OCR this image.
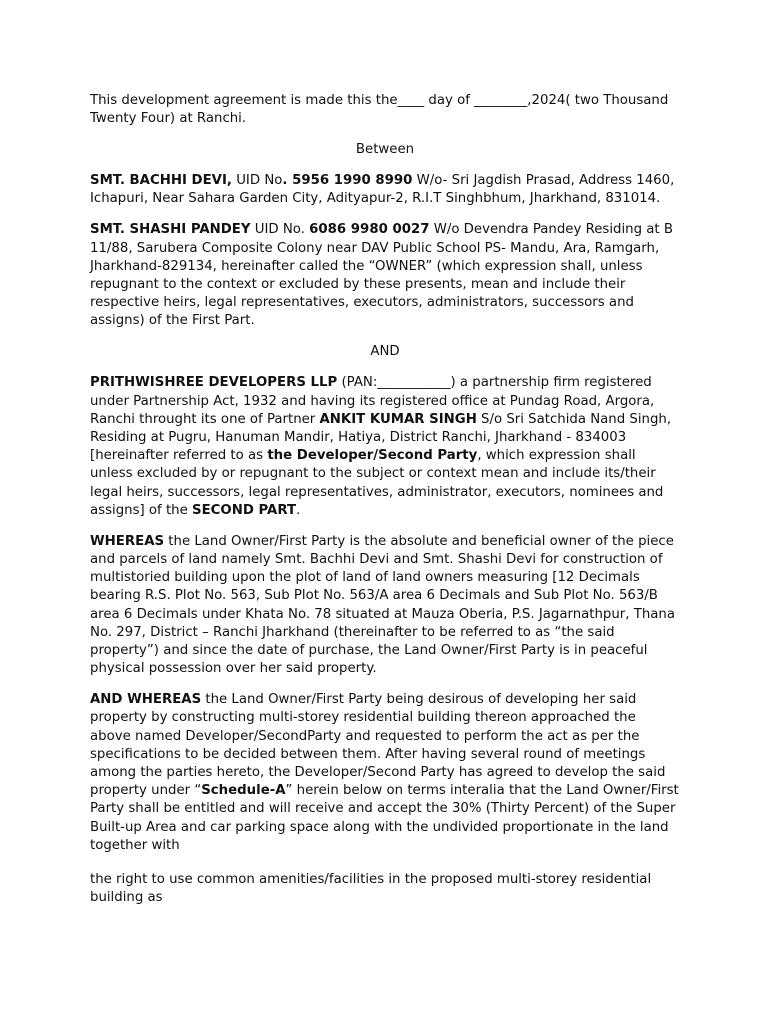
This development agreement is made this the____ day of ________,2024( two Thousand Twenty Four) at Ranchi.

Between

SMT. BACHHI DEVI, UID No. 5956 1990 8990 W/o- Sri Jagdish Prasad, Address 1460, Ichapuri, Near Sahara Garden City, Adityapur-2, R.I.T Singhbhum, Jharkhand, 831014.

SMT. SHASHI PANDEY UID No. 6086 9980 0027 W/o Devendra Pandey Residing at B 11/88, Sarubera Composite Colony near DAV Public School PS- Mandu, Ara, Ramgarh, Jharkhand-829134, hereinafter called the “OWNER” (which expression shall, unless repugnant to the context or excluded by these presents, mean and include their respective heirs, legal representatives, executors, administrators, successors and assigns) of the First Part.

AND

PRITHWISHREE DEVELOPERS LLP (PAN:___________) a partnership firm registered under Partnership Act, 1932 and having its registered office at Pundag Road, Argora, Ranchi throught its one of Partner ANKIT KUMAR SINGH S/o Sri Satchida Nand Singh, Residing at Pugru, Hanuman Mandir, Hatiya, District Ranchi, Jharkhand - 834003 [hereinafter referred to as the Developer/Second Party, which expression shall unless excluded by or repugnant to the subject or context mean and include its/their legal heirs, successors, legal representatives, administrator, executors, nominees and assigns] of the SECOND PART.

WHEREAS the Land Owner/First Party is the absolute and beneficial owner of the piece and parcels of land namely Smt. Bachhi Devi and Smt. Shashi Devi for construction of multistoried building upon the plot of land of land owners measuring [12 Decimals bearing R.S. Plot No. 563, Sub Plot No. 563/A area 6 Decimals and Sub Plot No. 563/B area 6 Decimals under Khata No. 78 situated at Mauza Oberia, P.S. Jagarnathpur, Thana No. 297, District – Ranchi Jharkhand (thereinafter to be referred to as “the said property”) and since the date of purchase, the Land Owner/First Party is in peaceful physical possession over her said property.

AND WHEREAS the Land Owner/First Party being desirous of developing her said property by constructing multi-storey residential building thereon approached the above named Developer/SecondParty and requested to perform the act as per the specifications to be decided between them. After having several round of meetings among the parties hereto, the Developer/Second Party has agreed to develop the said property under “Schedule-A” herein below on terms interalia that the Land Owner/First Party shall be entitled and will receive and accept the 30% (Thirty Percent) of the Super Built-up Area and car parking space along with the undivided proportionate in the land together with

the right to use common amenities/facilities in the proposed multi-storey residential building as
